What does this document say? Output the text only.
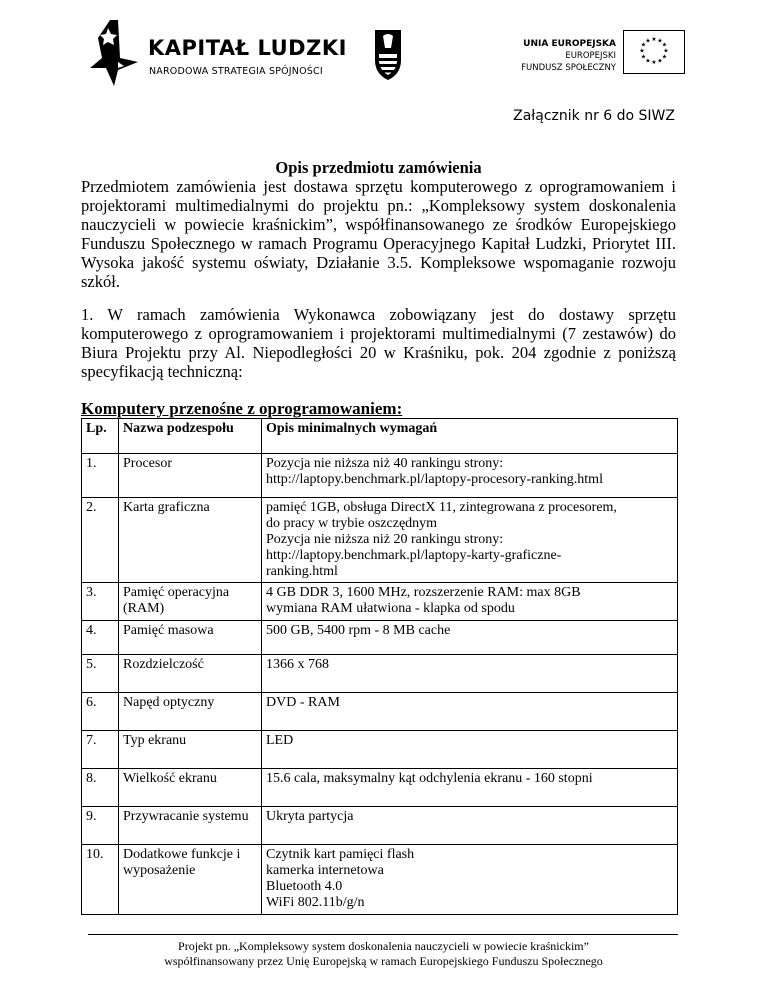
KAPITAŁ LUDZKI
NARODOWA STRATEGIA SPÓJNOŚCI
UNIA EUROPEJSKA
EUROPEJSKI
FUNDUSZ SPOŁECZNY
★ ★
★
★
★
★
★
★
★
★
★
★
Załącznik nr 6 do SIWZ
Opis przedmiotu zamówienia

Przedmiotem zamówienia jest dostawa sprzętu komputerowego z oprogramowaniem i projektorami multimedialnymi do projektu pn.: „Kompleksowy system doskonalenia nauczycieli w powiecie kraśnickim”, współfinansowanego ze środków Europejskiego Funduszu Społecznego w ramach Programu Operacyjnego Kapitał Ludzki, Priorytet III. Wysoka jakość systemu oświaty, Działanie 3.5. Kompleksowe wspomaganie rozwoju szkół.

1. W ramach zamówienia Wykonawca zobowiązany jest do dostawy sprzętu komputerowego z oprogramowaniem i projektorami multimedialnymi (7 zestawów) do Biura Projektu przy Al. Niepodległości 20 w Kraśniku, pok. 204 zgodnie z poniższą specyfikacją techniczną:

Komputery przenośne z oprogramowaniem:
Lp.	Nazwa podzespołu	Opis minimalnych wymagań
1.	Procesor	Pozycja nie niższa niż 40 rankingu strony:
http://laptopy.benchmark.pl/laptopy-procesory-ranking.html

2.	Karta graficzna	pamięć 1GB, obsługa DirectX 11, zintegrowana z procesorem,
do pracy w trybie oszczędnym
Pozycja nie niższa niż 20 rankingu strony:
http://laptopy.benchmark.pl/laptopy-karty-graficzne-
ranking.html

3.	Pamięć operacyjna (RAM)	4 GB DDR 3, 1600 MHz, rozszerzenie RAM: max 8GB
wymiana RAM ułatwiona - klapka od spodu

4.	Pamięć masowa	500 GB, 5400 rpm - 8 MB cache

5.	Rozdzielczość	1366 x 768

6.	Napęd optyczny	DVD - RAM

7.	Typ ekranu	LED

8.	Wielkość ekranu	15.6 cala, maksymalny kąt odchylenia ekranu - 160 stopni

9.	Przywracanie systemu	Ukryta partycja

10.	Dodatkowe funkcje i wyposażenie	Czytnik kart pamięci flash
kamerka internetowa
Bluetooth 4.0
WiFi 802.11b/g/n
Projekt pn. „Kompleksowy system doskonalenia nauczycieli w powiecie kraśnickim”
współfinansowany przez Unię Europejską w ramach Europejskiego Funduszu Społecznego
